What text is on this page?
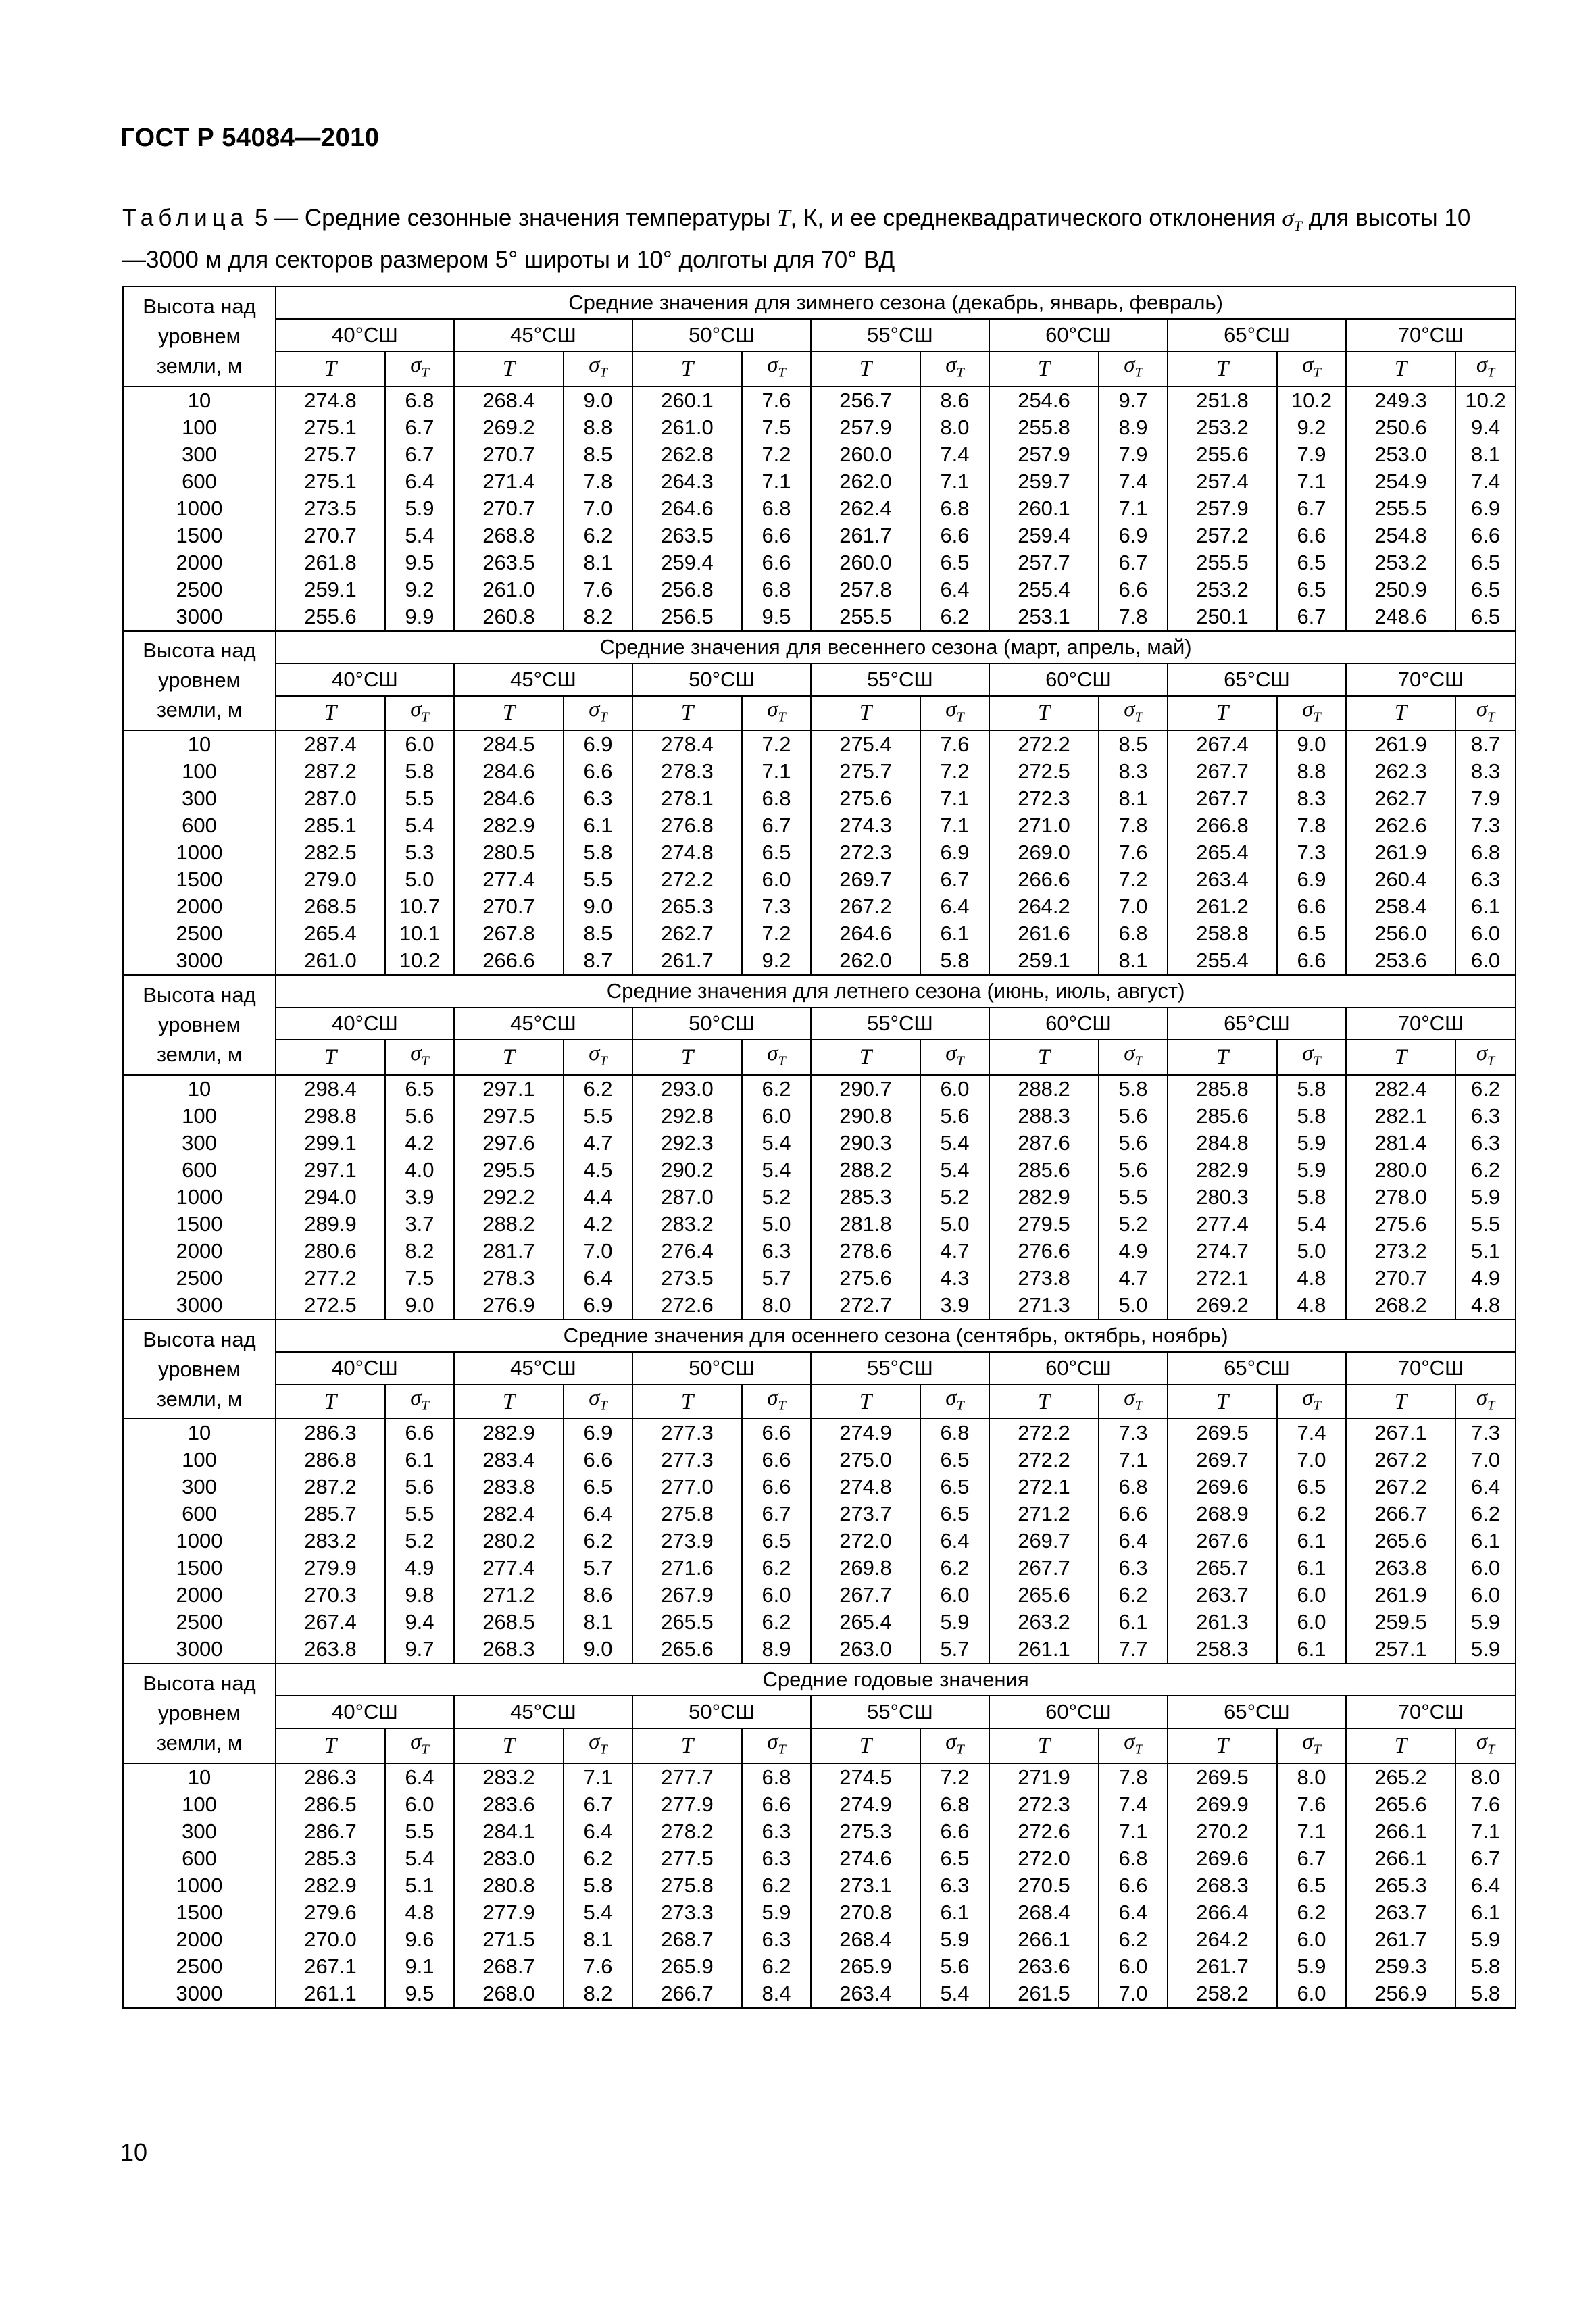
ГОСТ Р 54084—2010
Таблица 5 — Средние сезонные значения температуры T, К, и ее среднеквадратического отклонения $\sigma_T$ для высоты 10—3000 м для секторов размером 5° широты и 10° долготы для 70° ВД
Высота над уровнем земли, м	Средние значения для зимнего сезона (декабрь, январь, февраль)													
	40°СШ		45°СШ		50°СШ		55°СШ		60°СШ		65°СШ		70°СШ	
	T	$\sigma_T$	T	$\sigma_T$	T	$\sigma_T$	T	$\sigma_T$	T	$\sigma_T$	T	$\sigma_T$	T	$\sigma_T$
10	274.8	6.8	268.4	9.0	260.1	7.6	256.7	8.6	254.6	9.7	251.8	10.2	249.3	10.2
100	275.1	6.7	269.2	8.8	261.0	7.5	257.9	8.0	255.8	8.9	253.2	9.2	250.6	9.4
300	275.7	6.7	270.7	8.5	262.8	7.2	260.0	7.4	257.9	7.9	255.6	7.9	253.0	8.1
600	275.1	6.4	271.4	7.8	264.3	7.1	262.0	7.1	259.7	7.4	257.4	7.1	254.9	7.4
1000	273.5	5.9	270.7	7.0	264.6	6.8	262.4	6.8	260.1	7.1	257.9	6.7	255.5	6.9
1500	270.7	5.4	268.8	6.2	263.5	6.6	261.7	6.6	259.4	6.9	257.2	6.6	254.8	6.6
2000	261.8	9.5	263.5	8.1	259.4	6.6	260.0	6.5	257.7	6.7	255.5	6.5	253.2	6.5
2500	259.1	9.2	261.0	7.6	256.8	6.8	257.8	6.4	255.4	6.6	253.2	6.5	250.9	6.5
3000	255.6	9.9	260.8	8.2	256.5	9.5	255.5	6.2	253.1	7.8	250.1	6.7	248.6	6.5
Высота над уровнем земли, м	Средние значения для весеннего сезона (март, апрель, май)													
	40°СШ		45°СШ		50°СШ		55°СШ		60°СШ		65°СШ		70°СШ	
	T	$\sigma_T$	T	$\sigma_T$	T	$\sigma_T$	T	$\sigma_T$	T	$\sigma_T$	T	$\sigma_T$	T	$\sigma_T$
10	287.4	6.0	284.5	6.9	278.4	7.2	275.4	7.6	272.2	8.5	267.4	9.0	261.9	8.7
100	287.2	5.8	284.6	6.6	278.3	7.1	275.7	7.2	272.5	8.3	267.7	8.8	262.3	8.3
300	287.0	5.5	284.6	6.3	278.1	6.8	275.6	7.1	272.3	8.1	267.7	8.3	262.7	7.9
600	285.1	5.4	282.9	6.1	276.8	6.7	274.3	7.1	271.0	7.8	266.8	7.8	262.6	7.3
1000	282.5	5.3	280.5	5.8	274.8	6.5	272.3	6.9	269.0	7.6	265.4	7.3	261.9	6.8
1500	279.0	5.0	277.4	5.5	272.2	6.0	269.7	6.7	266.6	7.2	263.4	6.9	260.4	6.3
2000	268.5	10.7	270.7	9.0	265.3	7.3	267.2	6.4	264.2	7.0	261.2	6.6	258.4	6.1
2500	265.4	10.1	267.8	8.5	262.7	7.2	264.6	6.1	261.6	6.8	258.8	6.5	256.0	6.0
3000	261.0	10.2	266.6	8.7	261.7	9.2	262.0	5.8	259.1	8.1	255.4	6.6	253.6	6.0
Высота над уровнем земли, м	Средние значения для летнего сезона (июнь, июль, август)													
	40°СШ		45°СШ		50°СШ		55°СШ		60°СШ		65°СШ		70°СШ	
	T	$\sigma_T$	T	$\sigma_T$	T	$\sigma_T$	T	$\sigma_T$	T	$\sigma_T$	T	$\sigma_T$	T	$\sigma_T$
10	298.4	6.5	297.1	6.2	293.0	6.2	290.7	6.0	288.2	5.8	285.8	5.8	282.4	6.2
100	298.8	5.6	297.5	5.5	292.8	6.0	290.8	5.6	288.3	5.6	285.6	5.8	282.1	6.3
300	299.1	4.2	297.6	4.7	292.3	5.4	290.3	5.4	287.6	5.6	284.8	5.9	281.4	6.3
600	297.1	4.0	295.5	4.5	290.2	5.4	288.2	5.4	285.6	5.6	282.9	5.9	280.0	6.2
1000	294.0	3.9	292.2	4.4	287.0	5.2	285.3	5.2	282.9	5.5	280.3	5.8	278.0	5.9
1500	289.9	3.7	288.2	4.2	283.2	5.0	281.8	5.0	279.5	5.2	277.4	5.4	275.6	5.5
2000	280.6	8.2	281.7	7.0	276.4	6.3	278.6	4.7	276.6	4.9	274.7	5.0	273.2	5.1
2500	277.2	7.5	278.3	6.4	273.5	5.7	275.6	4.3	273.8	4.7	272.1	4.8	270.7	4.9
3000	272.5	9.0	276.9	6.9	272.6	8.0	272.7	3.9	271.3	5.0	269.2	4.8	268.2	4.8
Высота над уровнем земли, м	Средние значения для осеннего сезона (сентябрь, октябрь, ноябрь)													
	40°СШ		45°СШ		50°СШ		55°СШ		60°СШ		65°СШ		70°СШ	
	T	$\sigma_T$	T	$\sigma_T$	T	$\sigma_T$	T	$\sigma_T$	T	$\sigma_T$	T	$\sigma_T$	T	$\sigma_T$
10	286.3	6.6	282.9	6.9	277.3	6.6	274.9	6.8	272.2	7.3	269.5	7.4	267.1	7.3
100	286.8	6.1	283.4	6.6	277.3	6.6	275.0	6.5	272.2	7.1	269.7	7.0	267.2	7.0
300	287.2	5.6	283.8	6.5	277.0	6.6	274.8	6.5	272.1	6.8	269.6	6.5	267.2	6.4
600	285.7	5.5	282.4	6.4	275.8	6.7	273.7	6.5	271.2	6.6	268.9	6.2	266.7	6.2
1000	283.2	5.2	280.2	6.2	273.9	6.5	272.0	6.4	269.7	6.4	267.6	6.1	265.6	6.1
1500	279.9	4.9	277.4	5.7	271.6	6.2	269.8	6.2	267.7	6.3	265.7	6.1	263.8	6.0
2000	270.3	9.8	271.2	8.6	267.9	6.0	267.7	6.0	265.6	6.2	263.7	6.0	261.9	6.0
2500	267.4	9.4	268.5	8.1	265.5	6.2	265.4	5.9	263.2	6.1	261.3	6.0	259.5	5.9
3000	263.8	9.7	268.3	9.0	265.6	8.9	263.0	5.7	261.1	7.7	258.3	6.1	257.1	5.9
Высота над уровнем земли, м	Средние годовые значения													
	40°СШ		45°СШ		50°СШ		55°СШ		60°СШ		65°СШ		70°СШ	
	T	$\sigma_T$	T	$\sigma_T$	T	$\sigma_T$	T	$\sigma_T$	T	$\sigma_T$	T	$\sigma_T$	T	$\sigma_T$
10	286.3	6.4	283.2	7.1	277.7	6.8	274.5	7.2	271.9	7.8	269.5	8.0	265.2	8.0
100	286.5	6.0	283.6	6.7	277.9	6.6	274.9	6.8	272.3	7.4	269.9	7.6	265.6	7.6
300	286.7	5.5	284.1	6.4	278.2	6.3	275.3	6.6	272.6	7.1	270.2	7.1	266.1	7.1
600	285.3	5.4	283.0	6.2	277.5	6.3	274.6	6.5	272.0	6.8	269.6	6.7	266.1	6.7
1000	282.9	5.1	280.8	5.8	275.8	6.2	273.1	6.3	270.5	6.6	268.3	6.5	265.3	6.4
1500	279.6	4.8	277.9	5.4	273.3	5.9	270.8	6.1	268.4	6.4	266.4	6.2	263.7	6.1
2000	270.0	9.6	271.5	8.1	268.7	6.3	268.4	5.9	266.1	6.2	264.2	6.0	261.7	5.9
2500	267.1	9.1	268.7	7.6	265.9	6.2	265.9	5.6	263.6	6.0	261.7	5.9	259.3	5.8
3000	261.1	9.5	268.0	8.2	266.7	8.4	263.4	5.4	261.5	7.0	258.2	6.0	256.9	5.8
10
